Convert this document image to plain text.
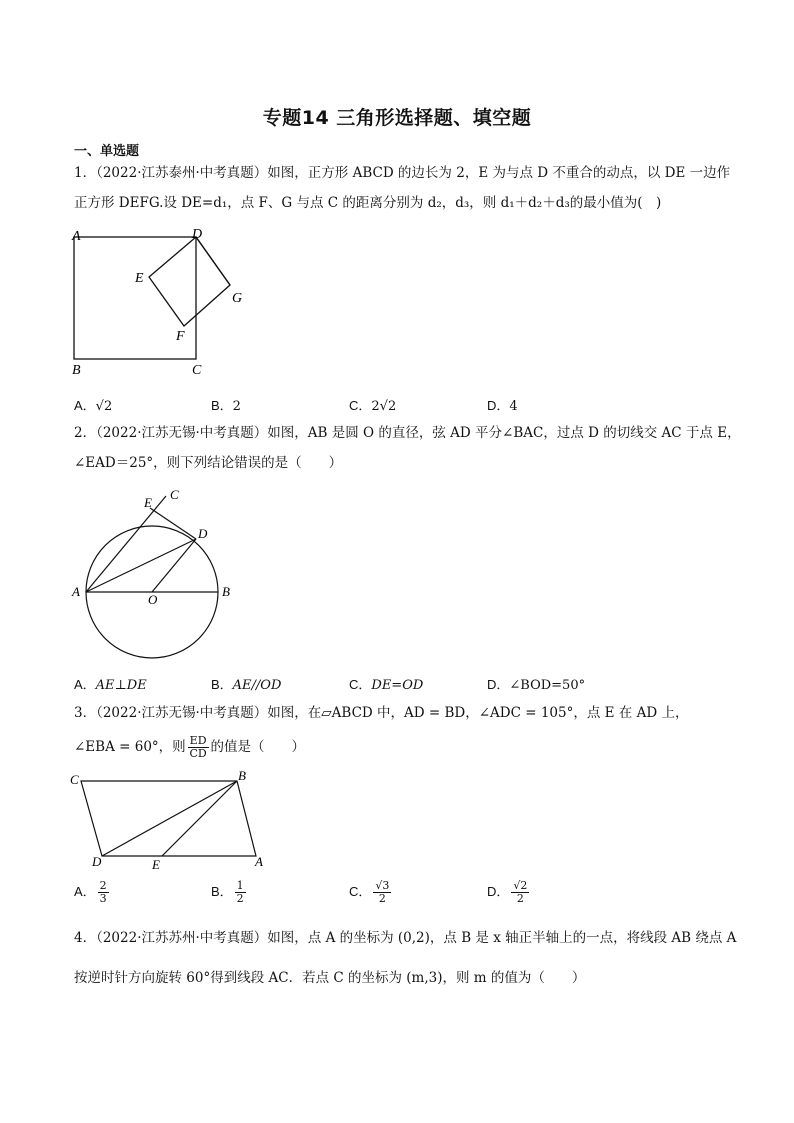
专题14 三角形选择题、填空题
一、单选题
1．（2022·江苏泰州·中考真题）如图，正方形 ABCD 的边长为 2，E 为与点 D 不重合的动点，以 DE 一边作
正方形 DEFG.设 DE=d₁，点 F、G 与点 C 的距离分别为 d₂，d₃，则 d₁＋d₂＋d₃的最小值为(　)
A	D
E
G
F
B	C
A．√2	B．2	C．2√2	D．4
2．（2022·江苏无锡·中考真题）如图，AB 是圆 O 的直径，弦 AD 平分∠BAC，过点 D 的切线交 AC 于点 E，
∠EAD＝25°，则下列结论错误的是（　　）
C
E
D
A	B
O
A．AE⊥DE	B．AE//OD	C．DE=OD	D．∠BOD=50°
3．（2022·江苏无锡·中考真题）如图，在▱ABCD 中，AD = BD，∠ADC = 105°，点 E 在 AD 上，
∠EBA = 60°，则 $\frac{ED}{CD}$ 的值是（　　）
C	B
D	E	A
A． $\frac{2}{3}$	B． $\frac{1}{2}$	C． $\frac{√3}{2}$	D． $\frac{√2}{2}$
4．（2022·江苏苏州·中考真题）如图，点 A 的坐标为 (0,2)，点 B 是 x 轴正半轴上的一点，将线段 AB 绕点 A
按逆时针方向旋转 60°得到线段 AC．若点 C 的坐标为 (m,3)，则 m 的值为（　　）
